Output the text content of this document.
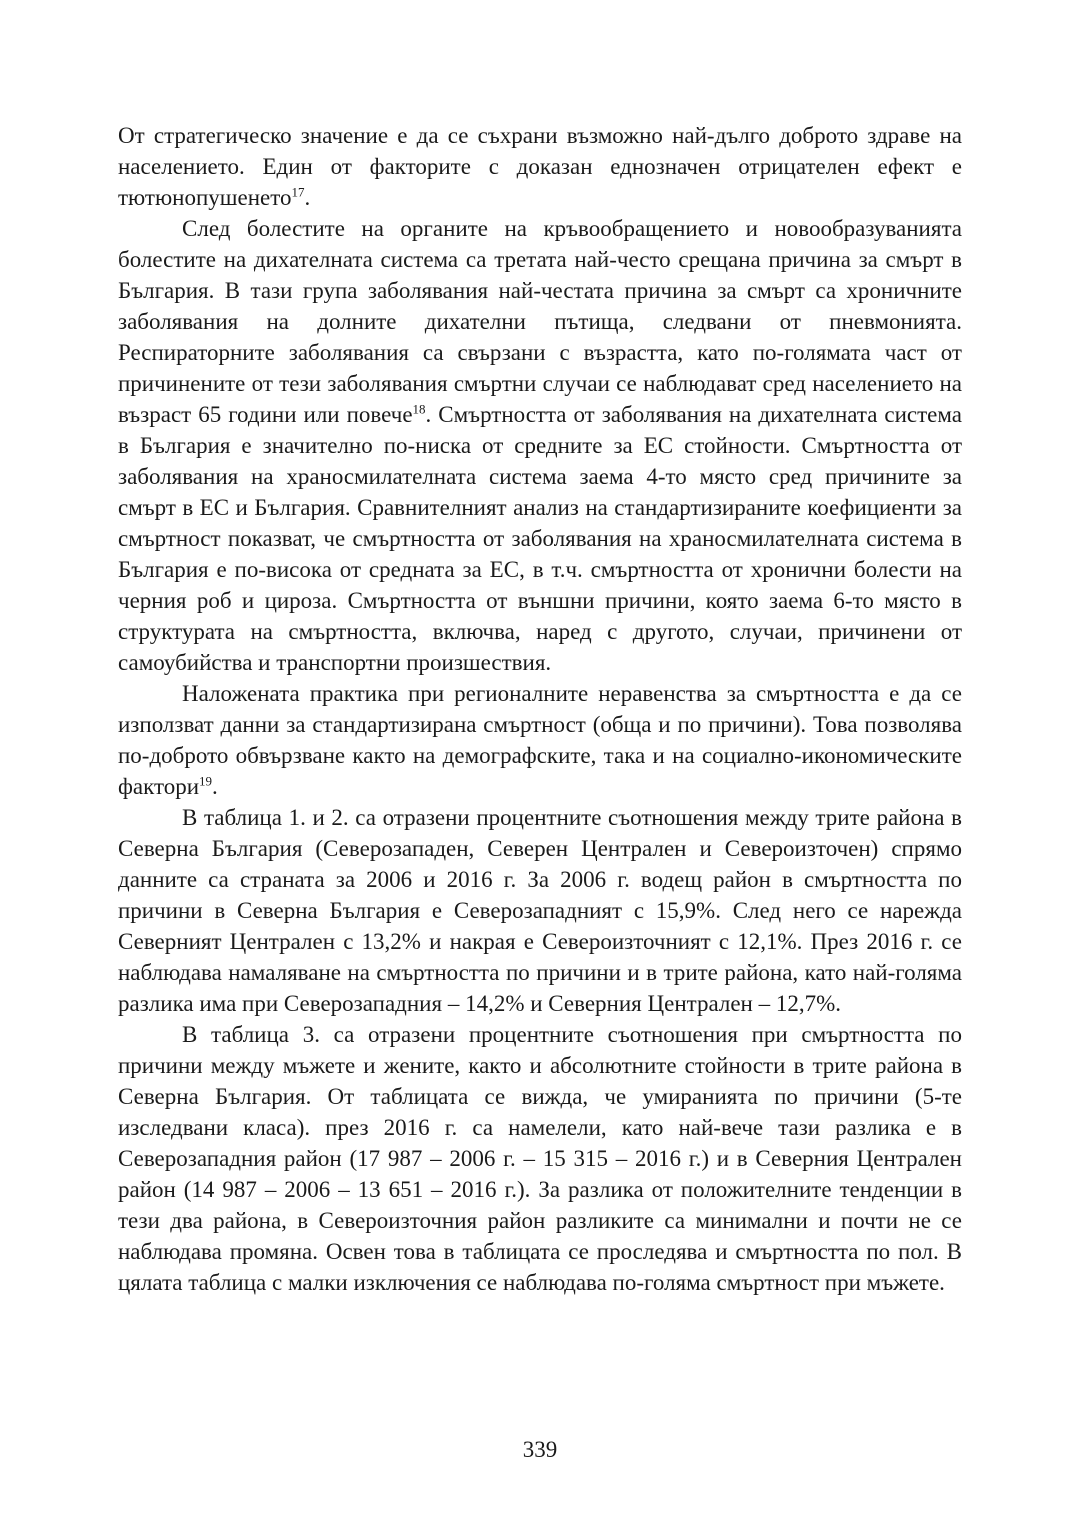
От стратегическо значение е да се съхрани възможно най-дълго доброто здраве на населението. Един от факторите с доказан еднозначен отрицателен ефект е тютюнопушенето$^{17}$.

След болестите на органите на кръвообращението и новообразуванията болестите на дихателната система са третата най-често срещана причина за смърт в България. В тази група заболявания най-честата причина за смърт са хроничните заболявания на долните дихателни пътища, следвани от пневмонията. Респираторните заболявания са свързани с възрастта, като по-голямата част от причинените от тези заболявания смъртни случаи се наблюдават сред населението на възраст 65 години или повече$^{18}$. Смъртността от заболявания на дихателната система в България е значително по-ниска от средните за ЕС стойности. Смъртността от заболявания на храносмилателната система заема 4-то място сред причините за смърт в ЕС и България. Сравнителният анализ на стандартизираните коефициенти за смъртност показват, че смъртността от заболявания на храносмилателната система в България е по-висока от средната за ЕС, в т.ч. смъртността от хронични болести на черния роб и цироза. Смъртността от външни причини, която заема 6-то място в структурата на смъртността, включва, наред с другото, случаи, причинени от самоубийства и транспортни произшествия.

Наложената практика при регионалните неравенства за смъртността е да се използват данни за стандартизирана смъртност (обща и по причини). Това позволява по-доброто обвързване както на демографските, така и на социално-икономическите фактори$^{19}$.

В таблица 1. и 2. са отразени процентните съотношения между трите района в Северна България (Северозападен, Северен Централен и Североизточен) спрямо данните са страната за 2006 и 2016 г. За 2006 г. водещ район в смъртността по причини в Северна България е Северозападният с 15,9%. След него се нарежда Северният Централен с 13,2% и накрая е Североизточният с 12,1%. През 2016 г. се наблюдава намаляване на смъртността по причини и в трите района, като най-голяма разлика има при Северозападния – 14,2% и Северния Централен – 12,7%.

В таблица 3. са отразени процентните съотношения при смъртността по причини между мъжете и жените, както и абсолютните стойности в трите района в Северна България. От таблицата се вижда, че умиранията по причини (5-те изследвани класа). през 2016 г. са намелели, като най-вече тази разлика е в Северозападния район (17 987 – 2006 г. – 15 315 – 2016 г.) и в Северния Централен район (14 987 – 2006 – 13 651 – 2016 г.). За разлика от положителните тенденции в тези два района, в Североизточния район разликите са минимални и почти не се наблюдава промяна. Освен това в таблицата се проследява и смъртността по пол. В цялата таблица с малки изключения се наблюдава по-голяма смъртност при мъжете.

339
